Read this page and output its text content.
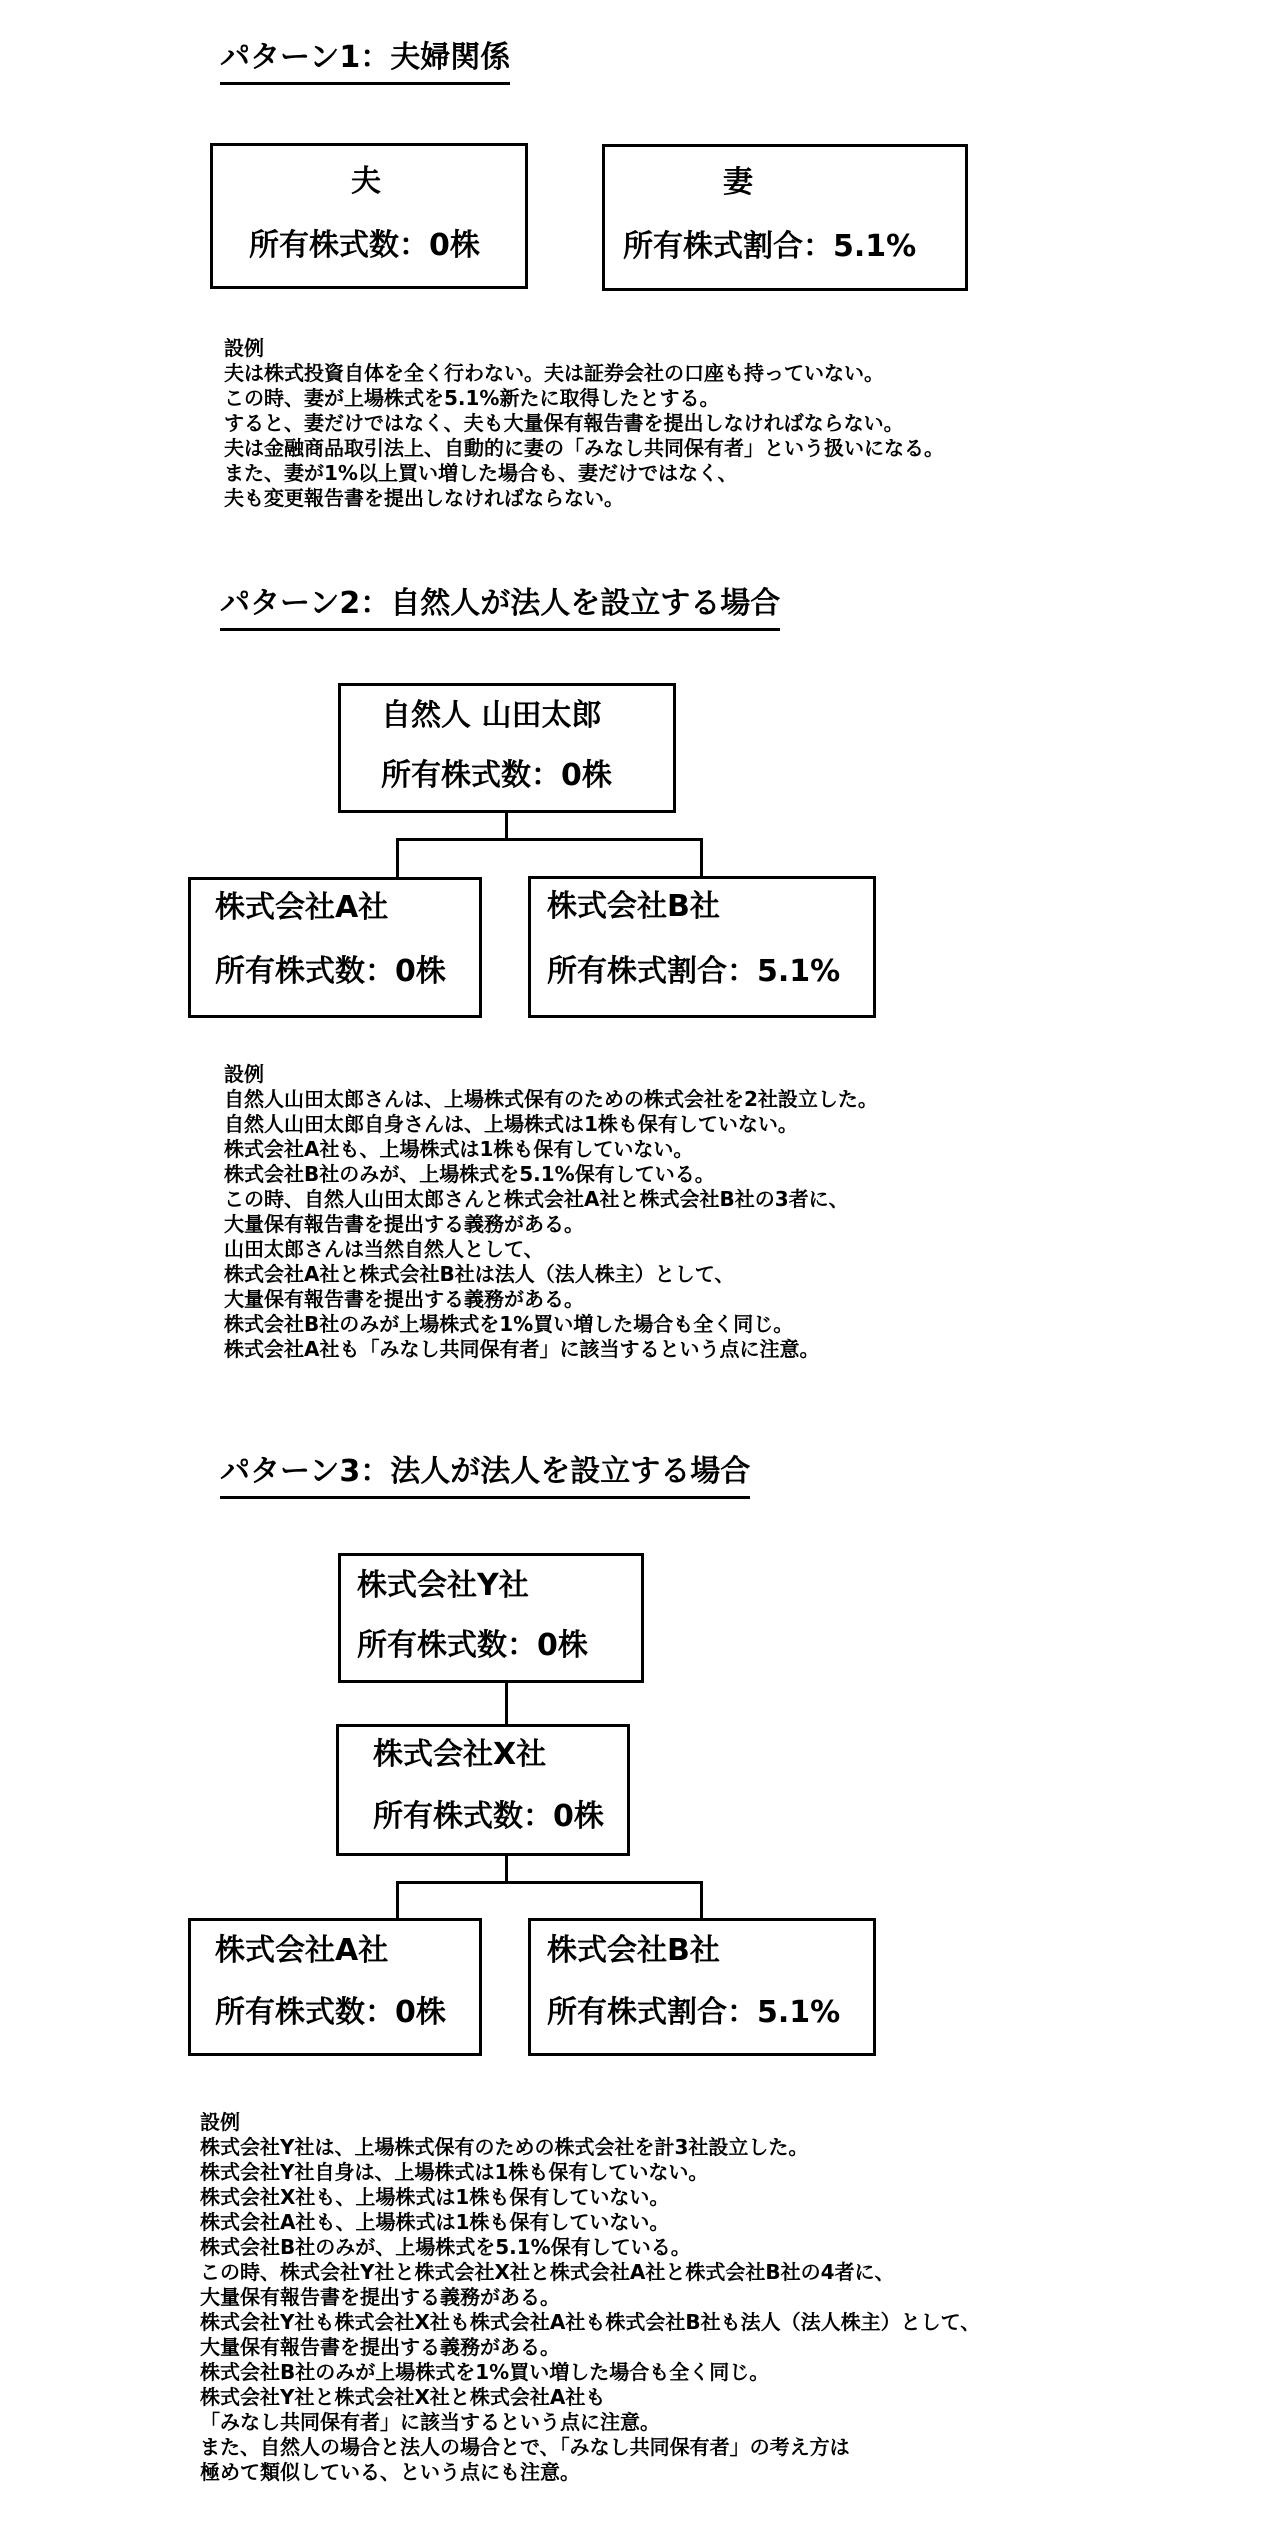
パターン1：夫婦関係
夫
所有株式数：0株
妻
所有株式割合：5.1%
設例
夫は株式投資自体を全く行わない。夫は証券会社の口座も持っていない。
この時、妻が上場株式を5.1%新たに取得したとする。
すると、妻だけではなく、夫も大量保有報告書を提出しなければならない。
夫は金融商品取引法上、自動的に妻の「みなし共同保有者」という扱いになる。
また、妻が1%以上買い増した場合も、妻だけではなく、
夫も変更報告書を提出しなければならない。
パターン2：自然人が法人を設立する場合
自然人 山田太郎
所有株式数：0株
株式会社A社
所有株式数：0株
株式会社B社
所有株式割合：5.1%
設例
自然人山田太郎さんは、上場株式保有のための株式会社を2社設立した。
自然人山田太郎自身さんは、上場株式は1株も保有していない。
株式会社A社も、上場株式は1株も保有していない。
株式会社B社のみが、上場株式を5.1%保有している。
この時、自然人山田太郎さんと株式会社A社と株式会社B社の3者に、
大量保有報告書を提出する義務がある。
山田太郎さんは当然自然人として、
株式会社A社と株式会社B社は法人（法人株主）として、
大量保有報告書を提出する義務がある。
株式会社B社のみが上場株式を1%買い増した場合も全く同じ。
株式会社A社も「みなし共同保有者」に該当するという点に注意。
パターン3：法人が法人を設立する場合
株式会社Y社
所有株式数：0株
株式会社X社
所有株式数：0株
株式会社A社
所有株式数：0株
株式会社B社
所有株式割合：5.1%
設例
株式会社Y社は、上場株式保有のための株式会社を計3社設立した。
株式会社Y社自身は、上場株式は1株も保有していない。
株式会社X社も、上場株式は1株も保有していない。
株式会社A社も、上場株式は1株も保有していない。
株式会社B社のみが、上場株式を5.1%保有している。
この時、株式会社Y社と株式会社X社と株式会社A社と株式会社B社の4者に、
大量保有報告書を提出する義務がある。
株式会社Y社も株式会社X社も株式会社A社も株式会社B社も法人（法人株主）として、
大量保有報告書を提出する義務がある。
株式会社B社のみが上場株式を1%買い増した場合も全く同じ。
株式会社Y社と株式会社X社と株式会社A社も
「みなし共同保有者」に該当するという点に注意。
また、自然人の場合と法人の場合とで、「みなし共同保有者」の考え方は
極めて類似している、という点にも注意。
